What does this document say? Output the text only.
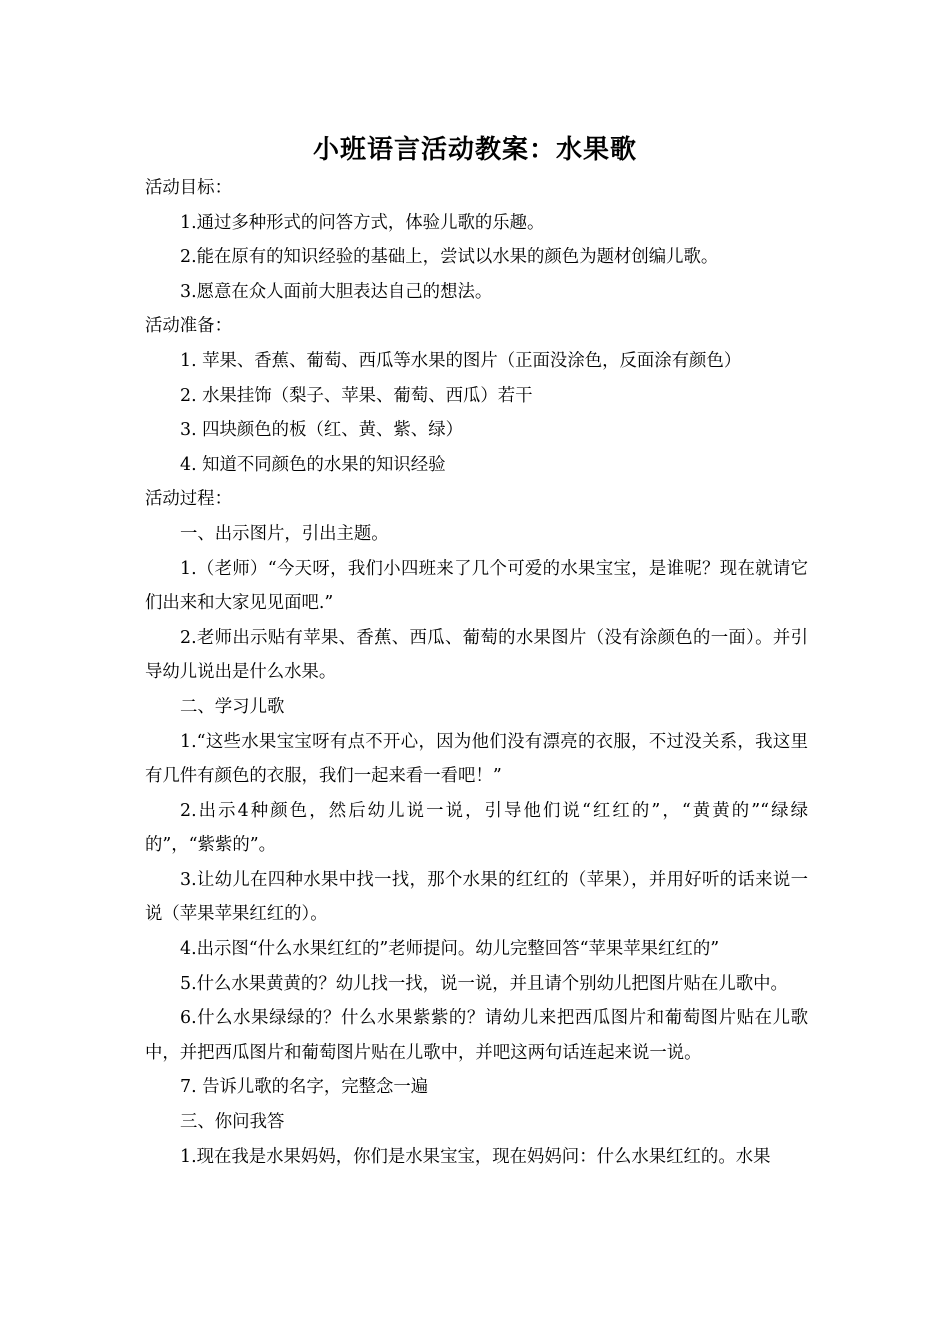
小班语言活动教案：水果歌

活动目标：

1.通过多种形式的问答方式，体验儿歌的乐趣。

2.能在原有的知识经验的基础上，尝试以水果的颜色为题材创编儿歌。

3.愿意在众人面前大胆表达自己的想法。

活动准备：

1. 苹果、香蕉、葡萄、西瓜等水果的图片（正面没涂色，反面涂有颜色）

2. 水果挂饰（梨子、苹果、葡萄、西瓜）若干

3. 四块颜色的板（红、黄、紫、绿）

4. 知道不同颜色的水果的知识经验

活动过程：

一、出示图片，引出主题。

1.（老师）“今天呀，我们小四班来了几个可爱的水果宝宝，是谁呢？现在就请它们出来和大家见见面吧.”

2.老师出示贴有苹果、香蕉、西瓜、葡萄的水果图片（没有涂颜色的一面）。并引导幼儿说出是什么水果。

二、学习儿歌

1.“这些水果宝宝呀有点不开心，因为他们没有漂亮的衣服，不过没关系，我这里有几件有颜色的衣服，我们一起来看一看吧！”

2.出示4种颜色，然后幼儿说一说，引导他们说“红红的”，“黄黄的”“绿绿的”，“紫紫的”。

3.让幼儿在四种水果中找一找，那个水果的红红的（苹果），并用好听的话来说一说（苹果苹果红红的）。

4.出示图“什么水果红红的”老师提问。幼儿完整回答“苹果苹果红红的”

5.什么水果黄黄的？幼儿找一找，说一说，并且请个别幼儿把图片贴在儿歌中。

6.什么水果绿绿的？什么水果紫紫的？请幼儿来把西瓜图片和葡萄图片贴在儿歌中，并把西瓜图片和葡萄图片贴在儿歌中，并吧这两句话连起来说一说。

7. 告诉儿歌的名字，完整念一遍

三、你问我答

1.现在我是水果妈妈，你们是水果宝宝，现在妈妈问：什么水果红红的。水果
